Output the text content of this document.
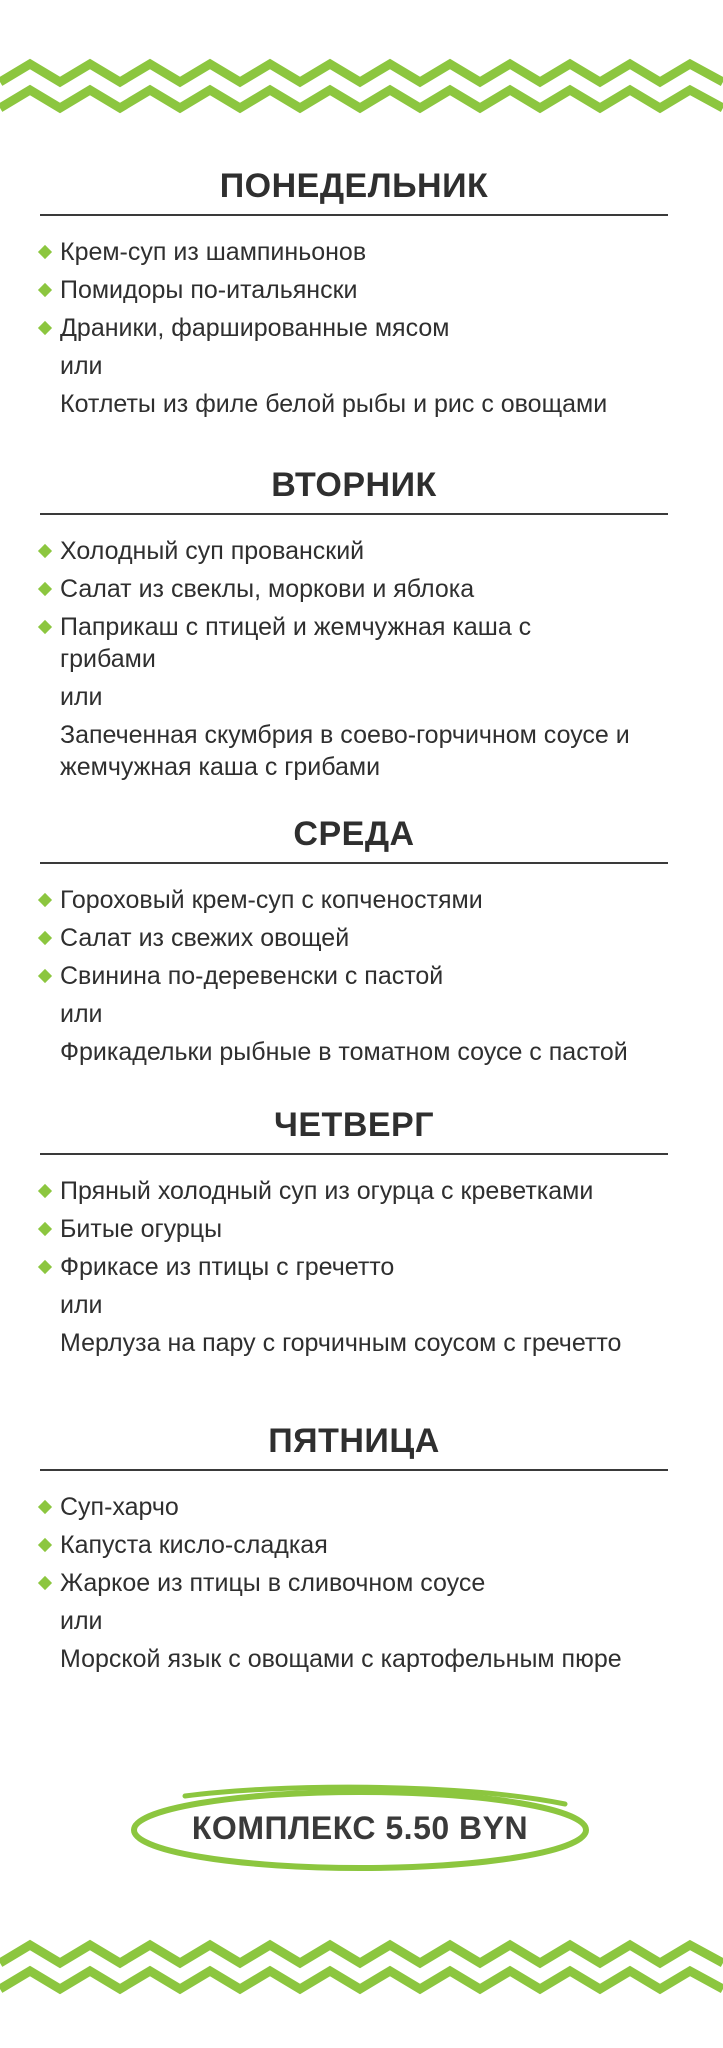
ПОНЕДЕЛЬНИК
Крем-суп из шампиньонов
Помидоры по-итальянски
Драники, фаршированные мясом
или
Котлеты из филе белой рыбы и рис с овощами
ВТОРНИК
Холодный суп прованский
Салат из свеклы, моркови и яблока
Паприкаш с птицей и жемчужная каша с грибами
или
Запеченная скумбрия в соево-горчичном соусе и жемчужная каша с грибами
СРЕДА
Гороховый крем-суп с копченостями
Салат из свежих овощей
Свинина по-деревенски с пастой
или
Фрикадельки рыбные в томатном соусе с пастой
ЧЕТВЕРГ
Пряный холодный суп из огурца с креветками
Битые огурцы
Фрикасе из птицы с гречетто
или
Мерлуза на пару с горчичным соусом с гречетто
ПЯТНИЦА
Суп-харчо
Капуста кисло-сладкая
Жаркое из птицы в сливочном соусе
или
Морской язык с овощами с картофельным пюре
КОМПЛЕКС 5.50 BYN
